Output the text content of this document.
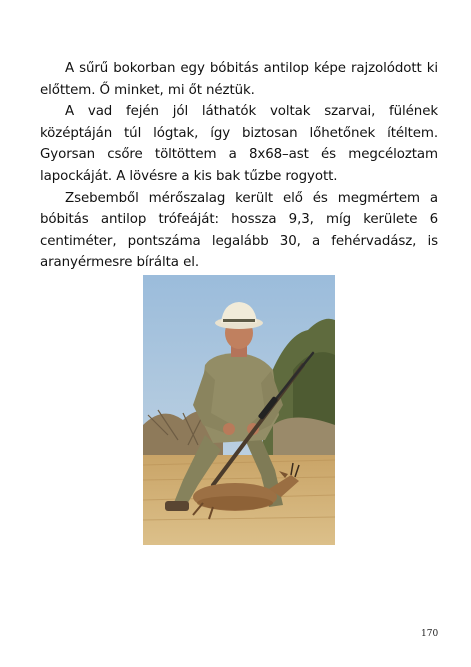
A sűrű bokorban egy bóbitás antilop képe rajzolódott ki előttem. Ő minket, mi őt néztük.

A vad fején jól láthatók voltak szarvai, fülének középtáján túl lógtak, így biztosan lőhetőnek ítéltem. Gyorsan csőre töltöttem a 8x68–ast és megcéloztam lapockáját. A lövésre a kis bak tűzbe rogyott.

Zsebemből mérőszalag került elő és megmértem a bóbitás antilop trófeáját: hossza 9,3, míg kerülete 6 centiméter, pontszáma legalább 30, a fehérvadász, is aranyérmesre bírálta el.

170
